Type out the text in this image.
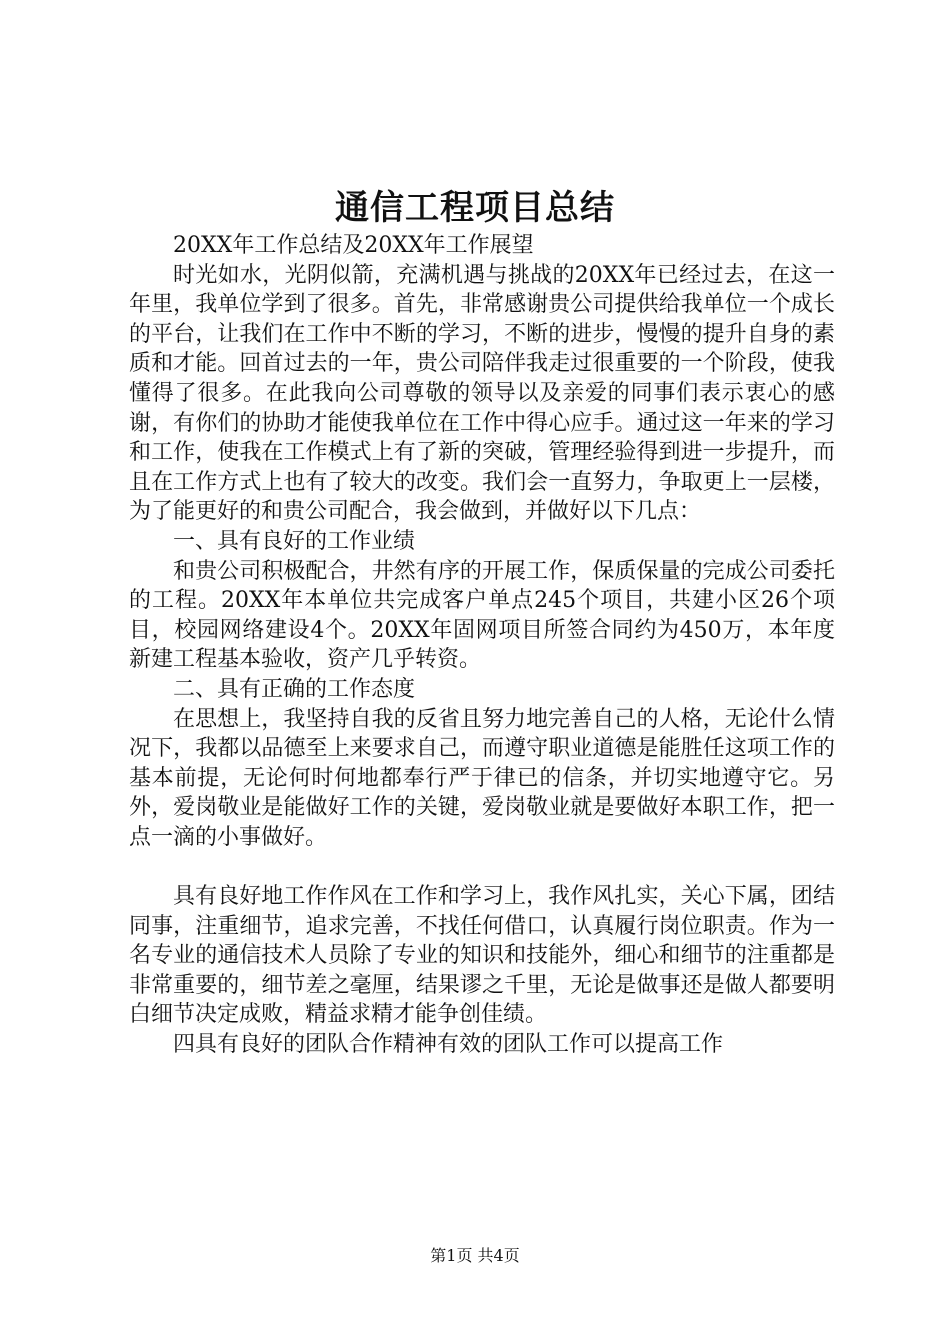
通信工程项目总结

20XX年工作总结及20XX年工作展望

时光如水，光阴似箭，充满机遇与挑战的20XX年已经过去，在这一年里，我单位学到了很多。首先，非常感谢贵公司提供给我单位一个成长的平台，让我们在工作中不断的学习，不断的进步，慢慢的提升自身的素质和才能。回首过去的一年，贵公司陪伴我走过很重要的一个阶段，使我懂得了很多。在此我向公司尊敬的领导以及亲爱的同事们表示衷心的感谢，有你们的协助才能使我单位在工作中得心应手。通过这一年来的学习和工作，使我在工作模式上有了新的突破，管理经验得到进一步提升，而且在工作方式上也有了较大的改变。我们会一直努力，争取更上一层楼，为了能更好的和贵公司配合，我会做到，并做好以下几点：

一、具有良好的工作业绩

和贵公司积极配合，井然有序的开展工作，保质保量的完成公司委托的工程。20XX年本单位共完成客户单点245个项目，共建小区26个项目，校园网络建设4个。20XX年固网项目所签合同约为450万，本年度新建工程基本验收，资产几乎转资。

二、具有正确的工作态度

在思想上，我坚持自我的反省且努力地完善自己的人格，无论什么情况下，我都以品德至上来要求自己，而遵守职业道德是能胜任这项工作的基本前提，无论何时何地都奉行严于律已的信条，并切实地遵守它。另外，爱岗敬业是能做好工作的关键，爱岗敬业就是要做好本职工作，把一点一滴的小事做好。

具有良好地工作作风在工作和学习上，我作风扎实，关心下属，团结同事，注重细节，追求完善，不找任何借口，认真履行岗位职责。作为一名专业的通信技术人员除了专业的知识和技能外，细心和细节的注重都是非常重要的，细节差之毫厘，结果谬之千里，无论是做事还是做人都要明白细节决定成败，精益求精才能争创佳绩。

四具有良好的团队合作精神有效的团队工作可以提高工作

第1页 共4页
